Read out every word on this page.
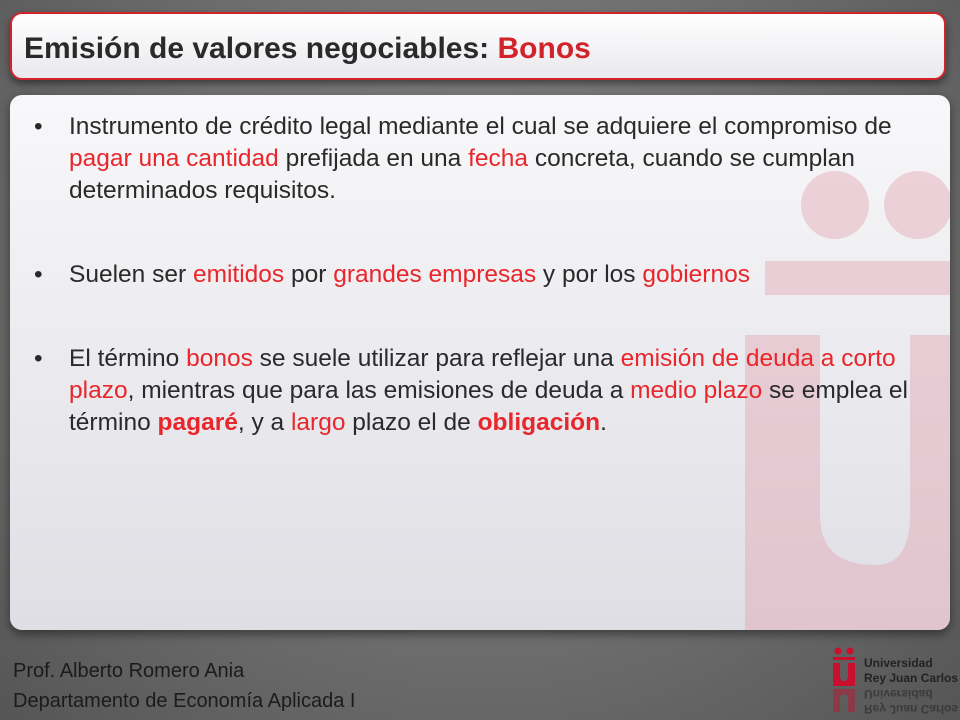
Emisión de valores negociables: Bonos
• Instrumento de crédito legal mediante el cual se adquiere el compromiso de pagar una cantidad prefijada en una fecha concreta, cuando se cumplan determinados requisitos.
• Suelen ser emitidos por grandes empresas y por los gobiernos
• El término bonos se suele utilizar para reflejar una emisión de deuda a corto plazo, mientras que para las emisiones de deuda a medio plazo se emplea el término pagaré, y a largo plazo el de obligación.
Prof. Alberto Romero Ania
Departamento de Economía Aplicada I
Universidad
Rey Juan Carlos
Rey Juan Carlos
Universidad
